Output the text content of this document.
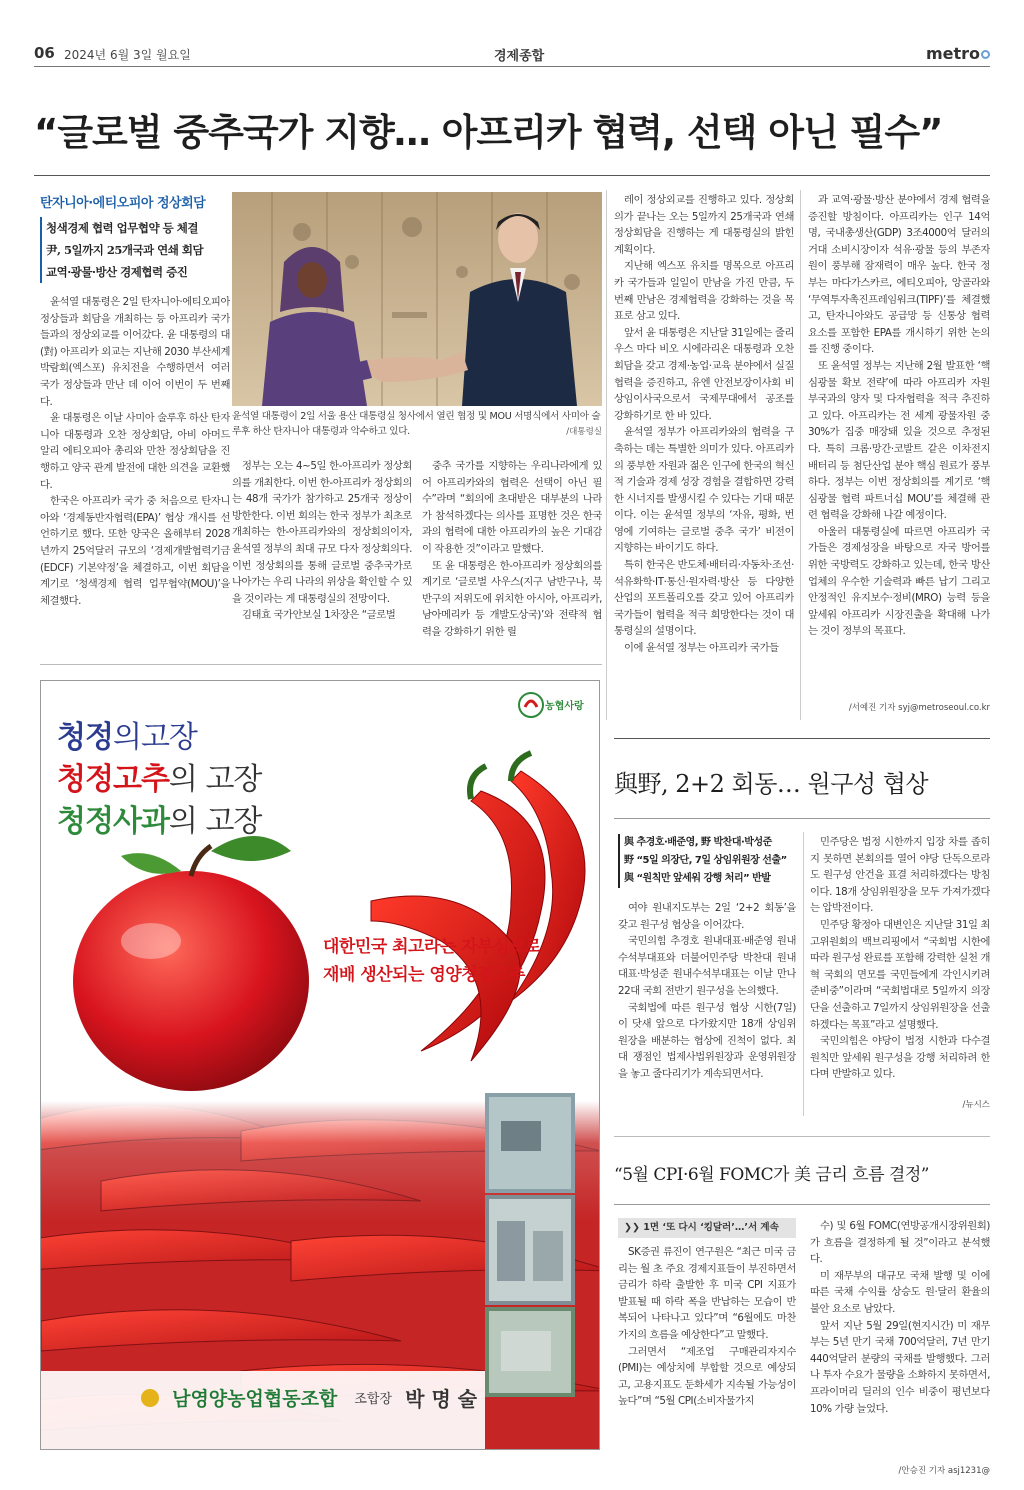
06 2024년 6월 3일 월요일	경제종합	metro
“글로벌 중추국가 지향… 아프리카 협력, 선택 아닌 필수”
탄자니아·에티오피아 정상회담
청색경제 협력 업무협약 등 체결
尹, 5일까지 25개국과 연쇄 회담
교역·광물·방산 경제협력 증진

윤석열 대통령은 2일 탄자니아·에티오피아 정상들과 회담을 개최하는 등 아프리카 국가들과의 정상외교를 이어갔다. 윤 대통령의 대(對) 아프리카 외교는 지난해 2030 부산세계박람회(엑스포) 유치전을 수행하면서 여러 국가 정상들과 만난 데 이어 이번이 두 번째다.

윤 대통령은 이날 사미아 술루후 하산 탄자니아 대통령과 오찬 정상회담, 아비 아머드 알리 에티오피아 총리와 만찬 정상회담을 진행하고 양국 관계 발전에 대한 의견을 교환했다.

한국은 아프리카 국가 중 처음으로 탄자니아와 ‘경제동반자협력(EPA)’ 협상 개시를 선언하기로 했다. 또한 양국은 올해부터 2028년까지 25억달러 규모의 ‘경제개발협력기금(EDCF) 기본약정’을 체결하고, 이번 회담을 계기로 ‘청색경제 협력 업무협약(MOU)’을 체결했다.

윤석열 대통령이 2일 서울 용산 대통령실 청사에서 열린 협정 및 MOU 서명식에서 사미아 술루후 하산 탄자니아 대통령과 악수하고 있다.	/대통령실

정부는 오는 4~5일 한-아프리카 정상회의를 개최한다. 이번 한-아프리카 정상회의는 48개 국가가 참가하고 25개국 정상이 방한한다. 이번 회의는 한국 정부가 최초로 개최하는 한-아프리카와의 정상회의이자, 윤석열 정부의 최대 규모 다자 정상회의다. 이번 정상회의를 통해 글로벌 중추국가로 나아가는 우리 나라의 위상을 확인할 수 있을 것이라는 게 대통령실의 전망이다.

김태효 국가안보실 1차장은 “글로벌

중추 국가를 지향하는 우리나라에게 있어 아프리카와의 협력은 선택이 아닌 필수”라며 “회의에 초대받은 대부분의 나라가 참석하겠다는 의사를 표명한 것은 한국과의 협력에 대한 아프리카의 높은 기대감이 작용한 것”이라고 말했다.

또 윤 대통령은 한-아프리카 정상회의를 계기로 ‘글로벌 사우스(지구 남반구나, 북반구의 저위도에 위치한 아시아, 아프리카, 남아메리카 등 개발도상국)’와 전략적 협력을 강화하기 위한 릴

레이 정상외교를 진행하고 있다. 정상회의가 끝나는 오는 5일까지 25개국과 연쇄 정상회담을 진행하는 게 대통령실의 밝힌 계획이다.

지난해 엑스포 유치를 명목으로 아프리카 국가들과 일일이 만남을 가진 만큼, 두 번째 만남은 경제협력을 강화하는 것을 목표로 삼고 있다.

앞서 윤 대통령은 지난달 31일에는 줄리우스 마다 비오 시에라리온 대통령과 오찬 회담을 갖고 경제·농업·교육 분야에서 실질 협력을 증진하고, 유엔 안전보장이사회 비상임이사국으로서 국제무대에서 공조를 강화하기로 한 바 있다.

윤석열 정부가 아프리카와의 협력을 구축하는 데는 특별한 의미가 있다. 아프리카의 풍부한 자원과 젊은 인구에 한국의 혁신적 기술과 경제 성장 경험을 결합하면 강력한 시너지를 발생시킬 수 있다는 기대 때문이다. 이는 윤석열 정부의 ‘자유, 평화, 번영에 기여하는 글로벌 중추 국가’ 비전이 지향하는 바이기도 하다.

특히 한국은 반도체·배터리·자동차·조선·석유화학·IT·통신·원자력·방산 등 다양한 산업의 포트폴리오를 갖고 있어 아프리카 국가들이 협력을 적극 희망한다는 것이 대통령실의 설명이다.

이에 윤석열 정부는 아프리카 국가들

과 교역·광물·방산 분야에서 경제 협력을 증진할 방침이다. 아프리카는 인구 14억명, 국내총생산(GDP) 3조4000억 달러의 거대 소비시장이자 석유·광물 등의 부존자원이 풍부해 잠재력이 매우 높다. 한국 정부는 마다가스카르, 에티오피아, 앙골라와 ‘무역투자촉진프레임워크(TIPF)’를 체결했고, 탄자니아와도 공급망 등 신통상 협력 요소를 포함한 EPA를 개시하기 위한 논의를 진행 중이다.

또 윤석열 정부는 지난해 2월 발표한 ‘핵심광물 확보 전략’에 따라 아프리카 자원 부국과의 양자 및 다자협력을 적극 추진하고 있다. 아프리카는 전 세계 광물자원 중 30%가 집중 매장돼 있을 것으로 추정된다. 특히 크롬·망간·코발트 같은 이차전지 배터리 등 첨단산업 분야 핵심 원료가 풍부하다. 정부는 이번 정상회의를 계기로 ‘핵심광물 협력 파트너십 MOU’를 체결해 관련 협력을 강화해 나갈 예정이다.

아울러 대통령실에 따르면 아프리카 국가들은 경제성장을 바탕으로 자국 방어를 위한 국방력도 강화하고 있는데, 한국 방산업체의 우수한 기술력과 빠른 납기 그리고 안정적인 유지보수·정비(MRO) 능력 등을 앞세워 아프리카 시장진출을 확대해 나가는 것이 정부의 목표다.

/서예진 기자 syj@metroseoul.co.kr
농협사랑
청정의고장
청정고추의 고장
청정사과의 고장
대한민국 최고라는 자부심으로
재배 생산되는 영양청결고추
남영양농업협동조합 조합장 박 명 술
與野, 2+2 회동… 원구성 협상
與 추경호·배준영, 野 박찬대·박성준
野 “5일 의장단, 7일 상임위원장 선출”
與 “원칙만 앞세워 강행 처리” 반발

여야 원내지도부는 2일 ‘2+2 회동’을 갖고 원구성 협상을 이어갔다.

국민의힘 추경호 원내대표·배준영 원내수석부대표와 더불어민주당 박찬대 원내대표·박성준 원내수석부대표는 이날 만나 22대 국회 전반기 원구성을 논의했다.

국회법에 따른 원구성 협상 시한(7일)이 닷새 앞으로 다가왔지만 18개 상임위원장을 배분하는 협상에 진척이 없다. 최대 쟁점인 법제사법위원장과 운영위원장을 놓고 줄다리기가 계속되면서다.

민주당은 법정 시한까지 입장 차를 좁히지 못하면 본회의를 열어 야당 단독으로라도 원구성 안건을 표결 처리하겠다는 방침이다. 18개 상임위원장을 모두 가져가겠다는 압박전이다.

민주당 황정아 대변인은 지난달 31일 최고위원회의 백브리핑에서 “국회법 시한에 따라 원구성 완료를 포함해 강력한 실천 개혁 국회의 면모를 국민들에게 각인시키려 준비중”이라며 “국회법대로 5일까지 의장단을 선출하고 7일까지 상임위원장을 선출하겠다는 목표”라고 설명했다.

국민의힘은 야당이 법정 시한과 다수결 원칙만 앞세워 원구성을 강행 처리하려 한다며 반발하고 있다.

/뉴시스
“5월 CPI·6월 FOMC가 美 금리 흐름 결정”
❯❯ 1면 ‘또 다시 ‘킹달러’…’서 계속

SK증권 류진이 연구원은 “최근 미국 금리는 월 초 주요 경제지표들이 부진하면서 금리가 하락 출발한 후 미국 CPI 지표가 발표될 때 하락 폭을 반납하는 모습이 반복되어 나타나고 있다”며 “6월에도 마찬가지의 흐름을 예상한다”고 말했다.

그러면서 “제조업 구매관리자지수(PMI)는 예상치에 부합할 것으로 예상되고, 고용지표도 둔화세가 지속될 가능성이 높다”며 “5월 CPI(소비자물가지

수) 및 6월 FOMC(연방공개시장위원회)가 흐름을 결정하게 될 것”이라고 분석했다.

미 재무부의 대규모 국채 발행 및 이에 따른 국채 수익률 상승도 원·달러 환율의 불안 요소로 남았다.

앞서 지난 5월 29일(현지시간) 미 재무부는 5년 만기 국채 700억달러, 7년 만기 440억달러 분량의 국채를 발행했다. 그러나 투자 수요가 물량을 소화하지 못하면서, 프라이머리 딜러의 인수 비중이 평년보다 10% 가량 늘었다.

/안승진 기자 asj1231@
